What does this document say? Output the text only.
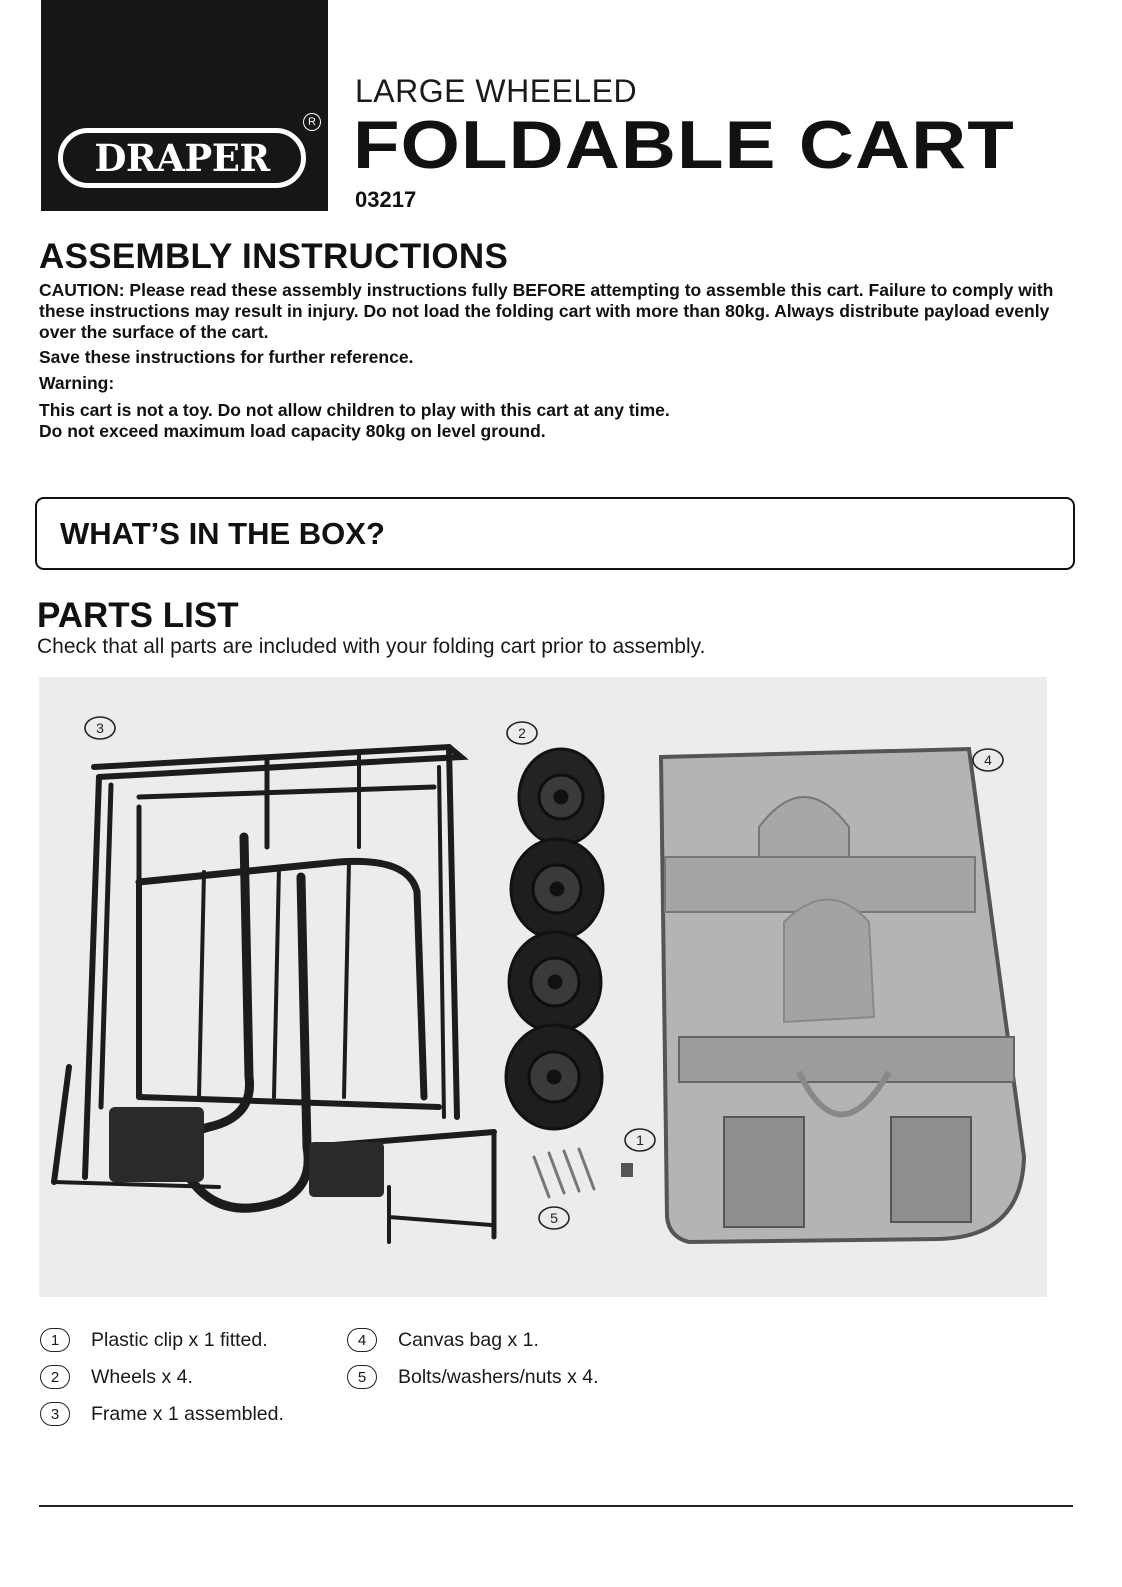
DRAPER
R
LARGE WHEELED
FOLDABLE CART
03217
ASSEMBLY INSTRUCTIONS
CAUTION: Please read these assembly instructions fully BEFORE attempting to assemble this cart. Failure to comply with these instructions may result in injury. Do not load the folding cart with more than 80kg. Always distribute payload evenly over the surface of the cart.
Save these instructions for further reference.
Warning:
This cart is not a toy. Do not allow children to play with this cart at any time.
Do not exceed maximum load capacity 80kg on level ground.
WHAT’S IN THE BOX?
PARTS LIST
Check that all parts are included with your folding cart prior to assembly.
3	2
4
1
5
1	Plastic clip x 1 fitted.
2	Wheels x 4.
3	Frame x 1 assembled.
4	Canvas bag x 1.
5	Bolts/washers/nuts x 4.
